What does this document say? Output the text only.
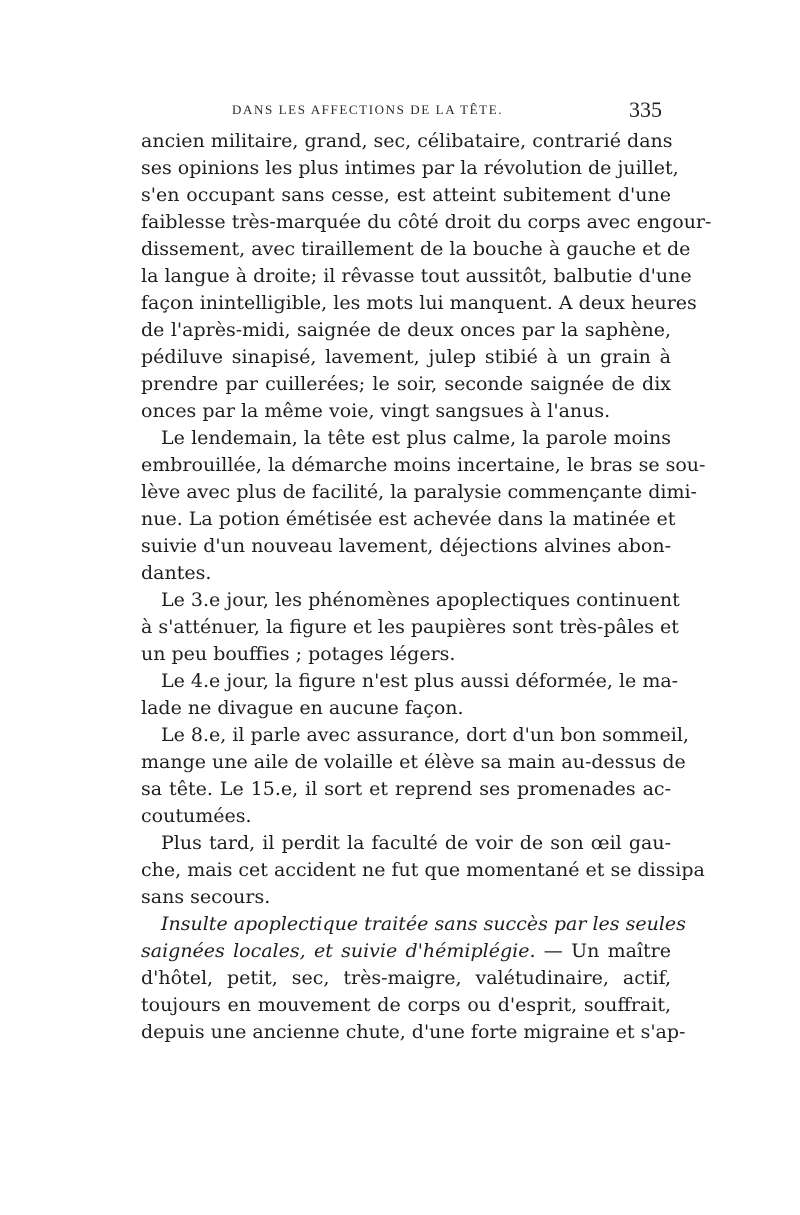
DANS LES AFFECTIONS DE LA TÊTE.	335
ancien militaire, grand, sec, célibataire, contrarié dans
ses opinions les plus intimes par la révolution de juillet,
s'en occupant sans cesse, est atteint subitement d'une
faiblesse très-marquée du côté droit du corps avec engour-
dissement, avec tiraillement de la bouche à gauche et de
la langue à droite; il rêvasse tout aussitôt, balbutie d'une
façon inintelligible, les mots lui manquent. A deux heures
de l'après-midi, saignée de deux onces par la saphène,
pédiluve sinapisé, lavement, julep stibié à un grain à
prendre par cuillerées; le soir, seconde saignée de dix
onces par la même voie, vingt sangsues à l'anus.
Le lendemain, la tête est plus calme, la parole moins
embrouillée, la démarche moins incertaine, le bras se sou-
lève avec plus de facilité, la paralysie commençante dimi-
nue. La potion émétisée est achevée dans la matinée et
suivie d'un nouveau lavement, déjections alvines abon-
dantes.
Le 3.e jour, les phénomènes apoplectiques continuent
à s'atténuer, la figure et les paupières sont très-pâles et
un peu bouffies ; potages légers.
Le 4.e jour, la figure n'est plus aussi déformée, le ma-
lade ne divague en aucune façon.
Le 8.e, il parle avec assurance, dort d'un bon sommeil,
mange une aile de volaille et élève sa main au-dessus de
sa tête. Le 15.e, il sort et reprend ses promenades ac-
coutumées.
Plus tard, il perdit la faculté de voir de son œil gau-
che, mais cet accident ne fut que momentané et se dissipa
sans secours.
Insulte apoplectique traitée sans succès par les seules
saignées locales, et suivie d'hémiplégie. — Un maître
d'hôtel, petit, sec, très-maigre, valétudinaire, actif,
toujours en mouvement de corps ou d'esprit, souffrait,
depuis une ancienne chute, d'une forte migraine et s'ap-
